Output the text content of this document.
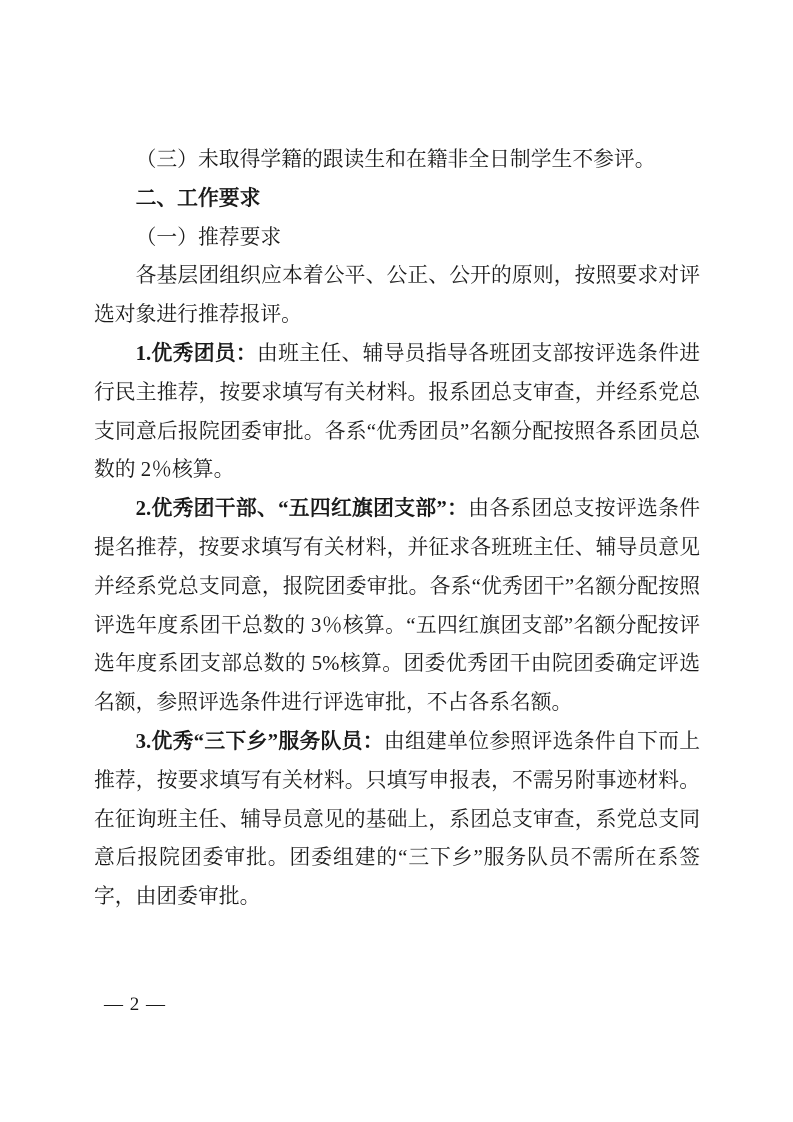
（三）未取得学籍的跟读生和在籍非全日制学生不参评。

二、工作要求

（一）推荐要求

各基层团组织应本着公平、公正、公开的原则，按照要求对评选对象进行推荐报评。

1.优秀团员：由班主任、辅导员指导各班团支部按评选条件进行民主推荐，按要求填写有关材料。报系团总支审查，并经系党总支同意后报院团委审批。各系“优秀团员”名额分配按照各系团员总数的 2％核算。

2.优秀团干部、“五四红旗团支部”：由各系团总支按评选条件提名推荐，按要求填写有关材料，并征求各班班主任、辅导员意见并经系党总支同意，报院团委审批。各系“优秀团干”名额分配按照评选年度系团干总数的 3％核算。“五四红旗团支部”名额分配按评选年度系团支部总数的 5%核算。团委优秀团干由院团委确定评选名额，参照评选条件进行评选审批，不占各系名额。

3.优秀“三下乡”服务队员：由组建单位参照评选条件自下而上推荐，按要求填写有关材料。只填写申报表，不需另附事迹材料。在征询班主任、辅导员意见的基础上，系团总支审查，系党总支同意后报院团委审批。团委组建的“三下乡”服务队员不需所在系签字，由团委审批。

— 2 —
